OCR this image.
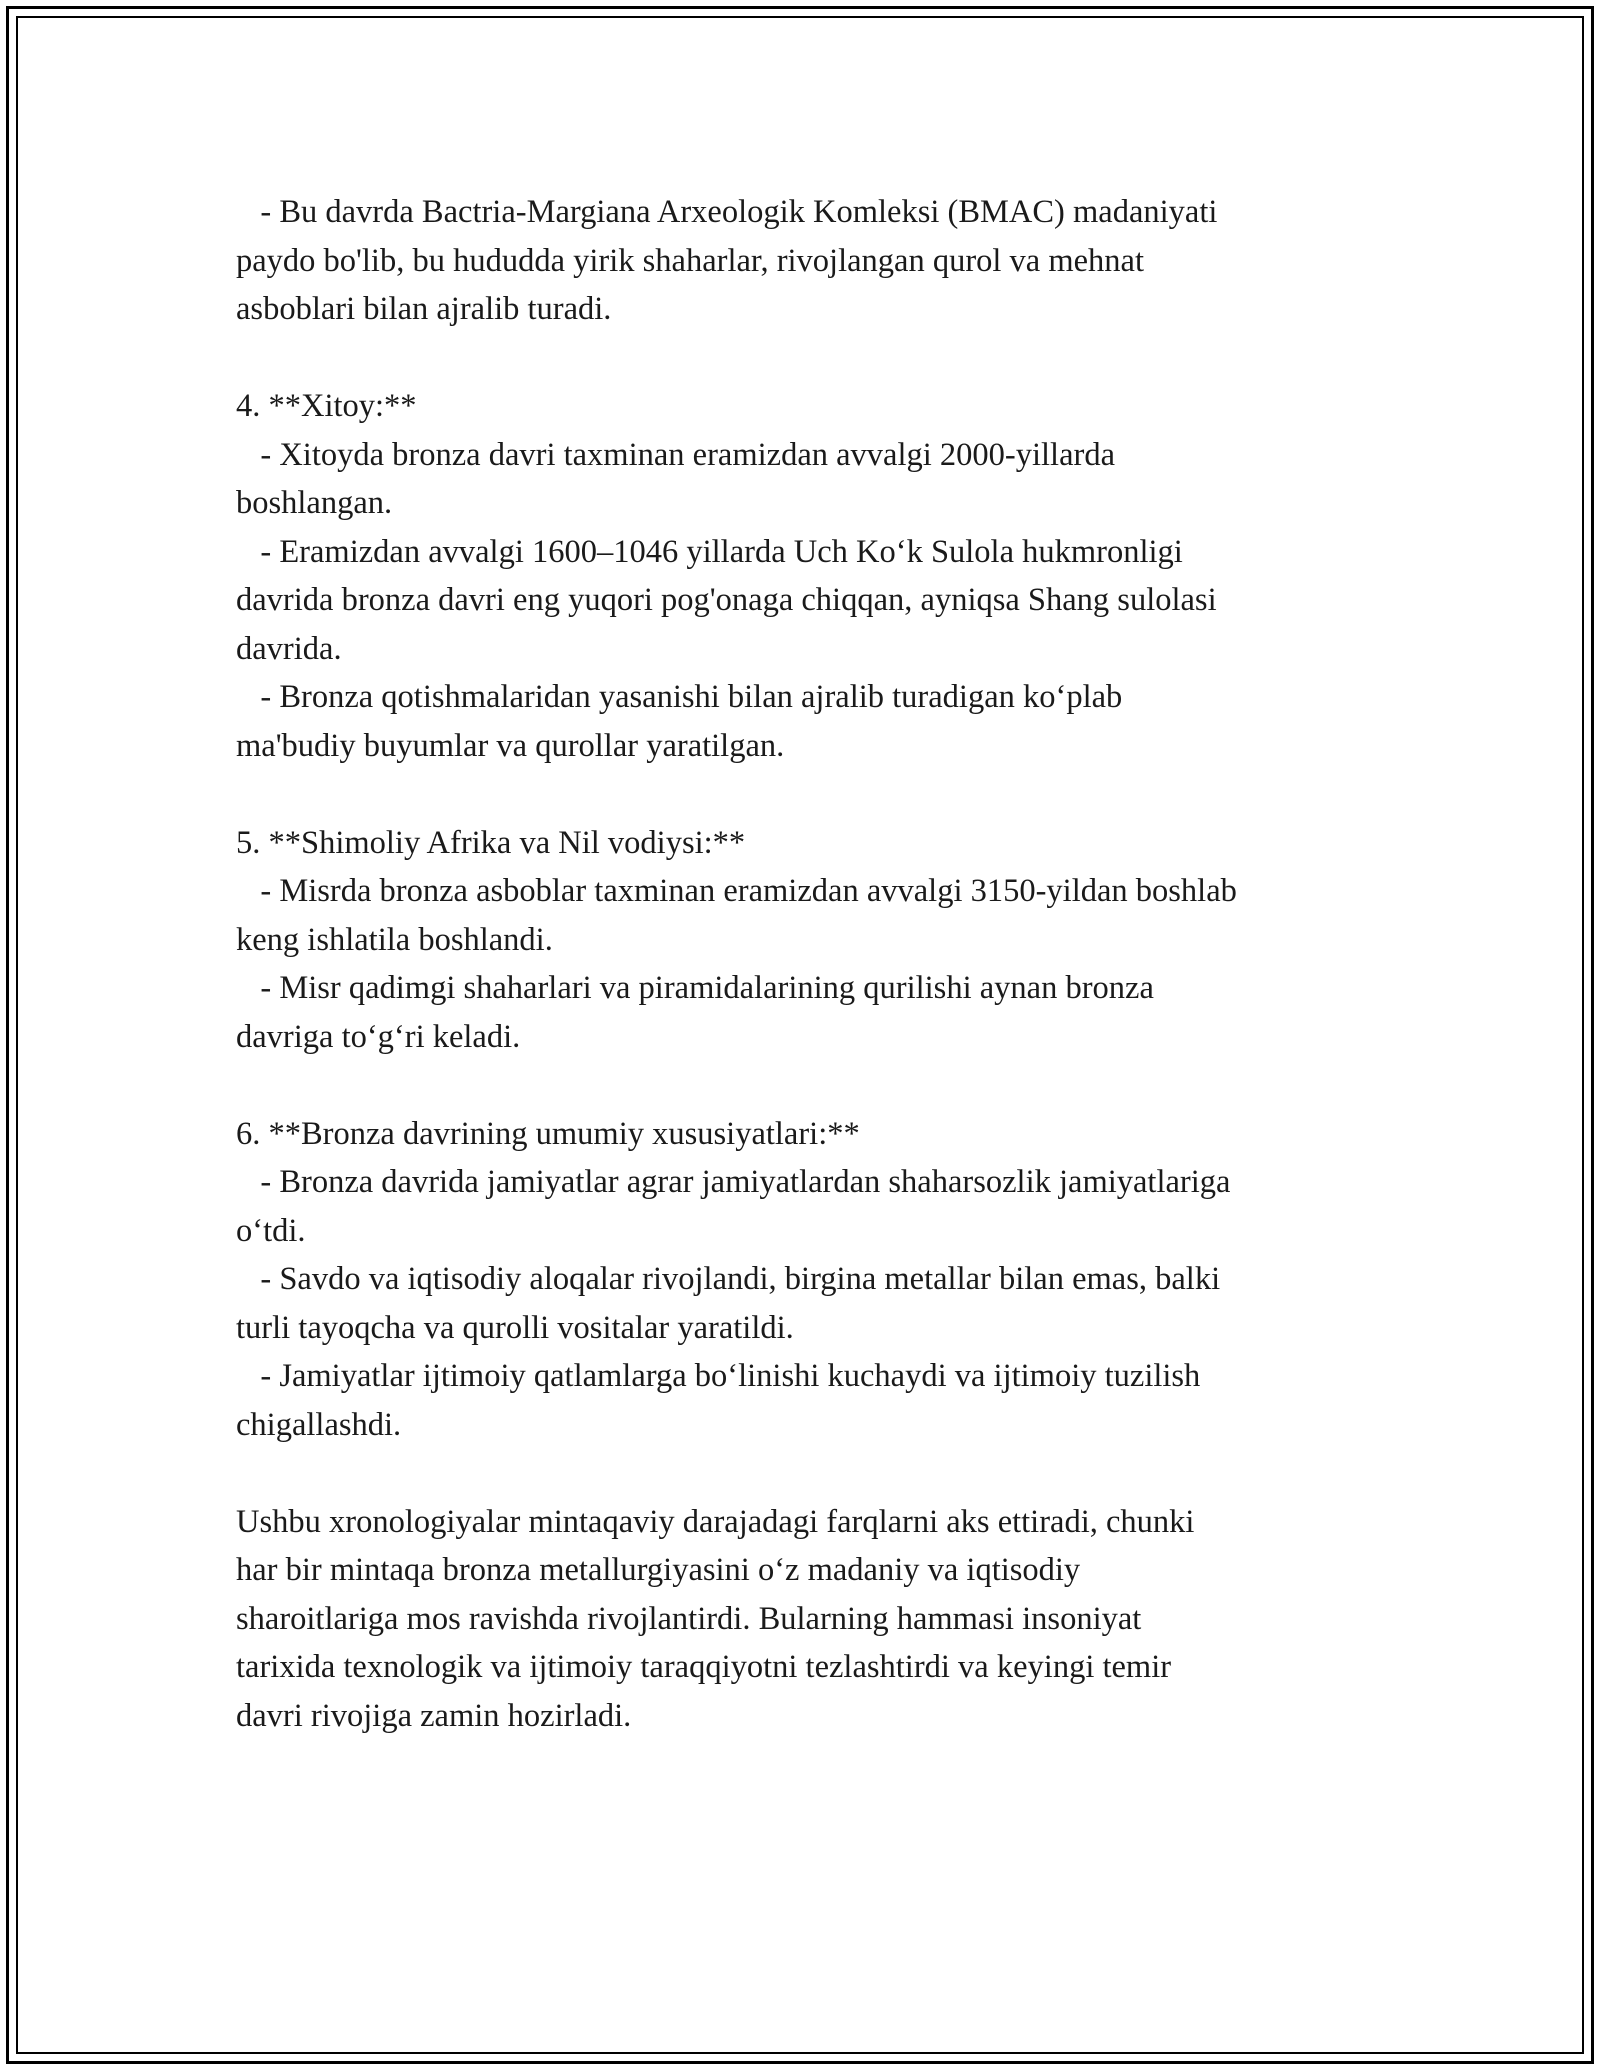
- Bu davrda Bactria-Margiana Arxeologik Komleksi (BMAC) madaniyati
paydo bo'lib, bu hududda yirik shaharlar, rivojlangan qurol va mehnat
asboblari bilan ajralib turadi.
4. **Xitoy:**
- Xitoyda bronza davri taxminan eramizdan avvalgi 2000-yillarda
boshlangan.
- Eramizdan avvalgi 1600–1046 yillarda Uch Ko‘k Sulola hukmronligi
davrida bronza davri eng yuqori pog'onaga chiqqan, ayniqsa Shang sulolasi
davrida.
- Bronza qotishmalaridan yasanishi bilan ajralib turadigan ko‘plab
ma'budiy buyumlar va qurollar yaratilgan.
5. **Shimoliy Afrika va Nil vodiysi:**
- Misrda bronza asboblar taxminan eramizdan avvalgi 3150-yildan boshlab
keng ishlatila boshlandi.
- Misr qadimgi shaharlari va piramidalarining qurilishi aynan bronza
davriga to‘g‘ri keladi.
6. **Bronza davrining umumiy xususiyatlari:**
- Bronza davrida jamiyatlar agrar jamiyatlardan shaharsozlik jamiyatlariga
o‘tdi.
- Savdo va iqtisodiy aloqalar rivojlandi, birgina metallar bilan emas, balki
turli tayoqcha va qurolli vositalar yaratildi.
- Jamiyatlar ijtimoiy qatlamlarga bo‘linishi kuchaydi va ijtimoiy tuzilish
chigallashdi.
Ushbu xronologiyalar mintaqaviy darajadagi farqlarni aks ettiradi, chunki
har bir mintaqa bronza metallurgiyasini o‘z madaniy va iqtisodiy
sharoitlariga mos ravishda rivojlantirdi. Bularning hammasi insoniyat
tarixida texnologik va ijtimoiy taraqqiyotni tezlashtirdi va keyingi temir
davri rivojiga zamin hozirladi.
